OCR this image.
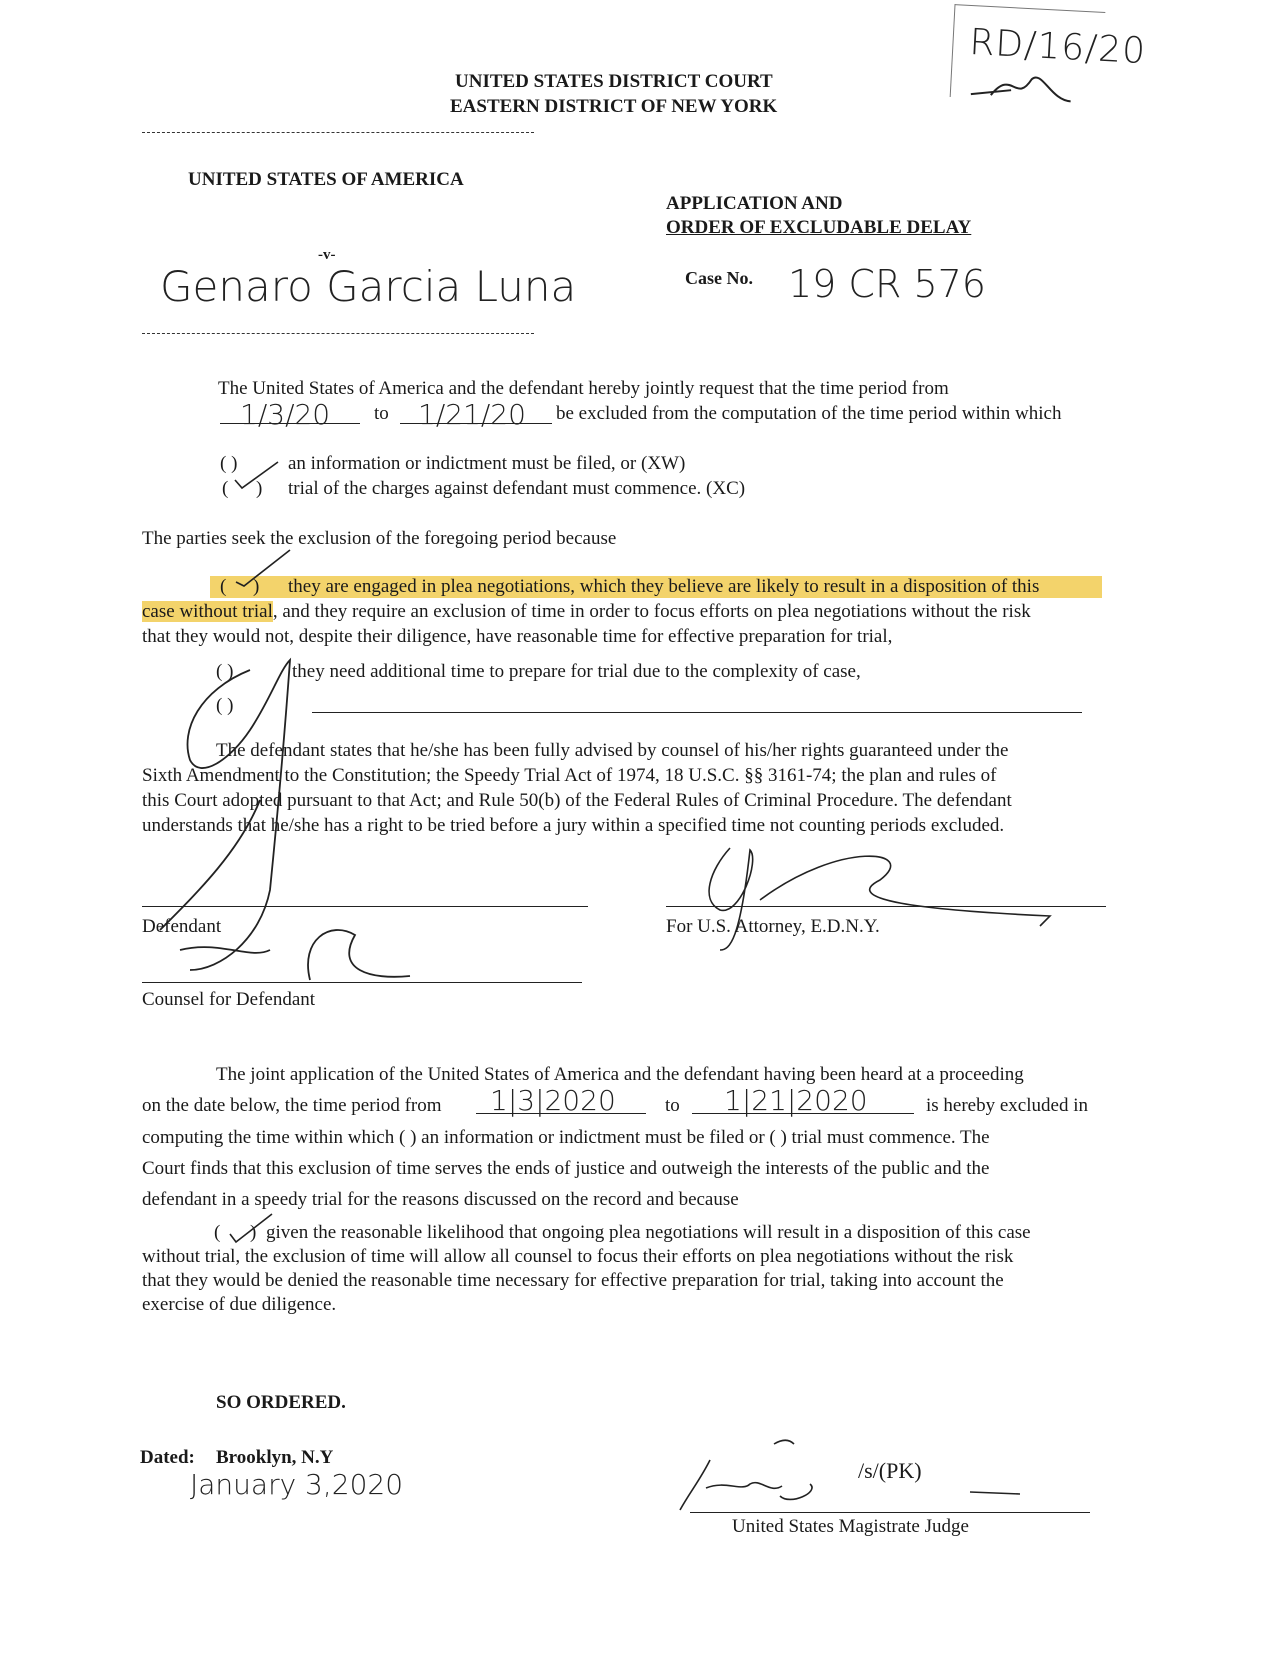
RD/16/20
UNITED STATES DISTRICT COURT
EASTERN DISTRICT OF NEW YORK
UNITED STATES OF AMERICA
APPLICATION AND
ORDER OF EXCLUDABLE DELAY
-v-
Genaro Garcia Luna	Case No. 19 CR 576
The United States of America and the defendant hereby jointly request that the time period from
1/3/20 to 1/21/20 be excluded from the computation of the time period within which
( )	an information or indictment must be filed, or (XW)
( ) trial of the charges against defendant must commence. (XC)
The parties seek the exclusion of the foregoing period because
( ) they are engaged in plea negotiations, which they believe are likely to result in a disposition of this
case without trial, and they require an exclusion of time in order to focus efforts on plea negotiations without the risk
that they would not, despite their diligence, have reasonable time for effective preparation for trial,
( )	they need additional time to prepare for trial due to the complexity of case,
( )
The defendant states that he/she has been fully advised by counsel of his/her rights guaranteed under the
Sixth Amendment to the Constitution; the Speedy Trial Act of 1974, 18 U.S.C. §§ 3161-74; the plan and rules of
this Court adopted pursuant to that Act; and Rule 50(b) of the Federal Rules of Criminal Procedure. The defendant
understands that he/she has a right to be tried before a jury within a specified time not counting periods excluded.
Defendant
Counsel for Defendant
For U.S. Attorney, E.D.N.Y.
The joint application of the United States of America and the defendant having been heard at a proceeding
on the date below, the time period from 1|3|2020	to 1|21|2020	is hereby excluded in
computing the time within which ( ) an information or indictment must be filed or ( ) trial must commence. The
Court finds that this exclusion of time serves the ends of justice and outweigh the interests of the public and the
defendant in a speedy trial for the reasons discussed on the record and because
( ) given the reasonable likelihood that ongoing plea negotiations will result in a disposition of this case
without trial, the exclusion of time will allow all counsel to focus their efforts on plea negotiations without the risk
that they would be denied the reasonable time necessary for effective preparation for trial, taking into account the
exercise of due diligence.
SO ORDERED.
Dated: Brooklyn, N.Y
January 3,2020	/s/(PK)
United States Magistrate Judge
